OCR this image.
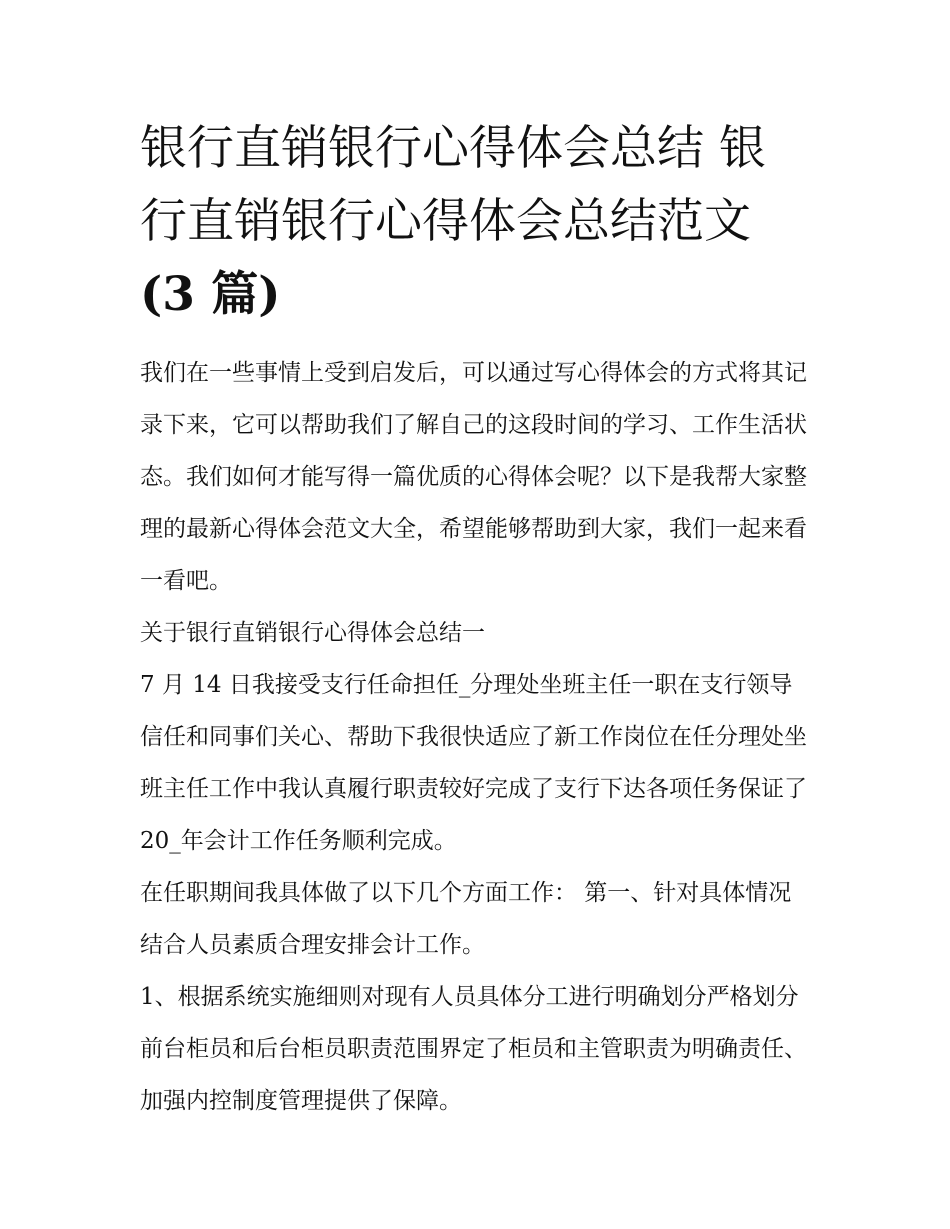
银行直销银行心得体会总结 银
行直销银行心得体会总结范文
(3 篇)

我们在一些事情上受到启发后，可以通过写心得体会的方式将其记录下来，它可以帮助我们了解自己的这段时间的学习、工作生活状态。我们如何才能写得一篇优质的心得体会呢？以下是我帮大家整理的最新心得体会范文大全，希望能够帮助到大家，我们一起来看一看吧。

关于银行直销银行心得体会总结一

7 月 14 日我接受支行任命担任_分理处坐班主任一职在支行领导信任和同事们关心、帮助下我很快适应了新工作岗位在任分理处坐班主任工作中我认真履行职责较好完成了支行下达各项任务保证了 20_年会计工作任务顺利完成。

在任职期间我具体做了以下几个方面工作： 第一、针对具体情况结合人员素质合理安排会计工作。

1、根据系统实施细则对现有人员具体分工进行明确划分严格划分前台柜员和后台柜员职责范围界定了柜员和主管职责为明确责任、加强内控制度管理提供了保障。
